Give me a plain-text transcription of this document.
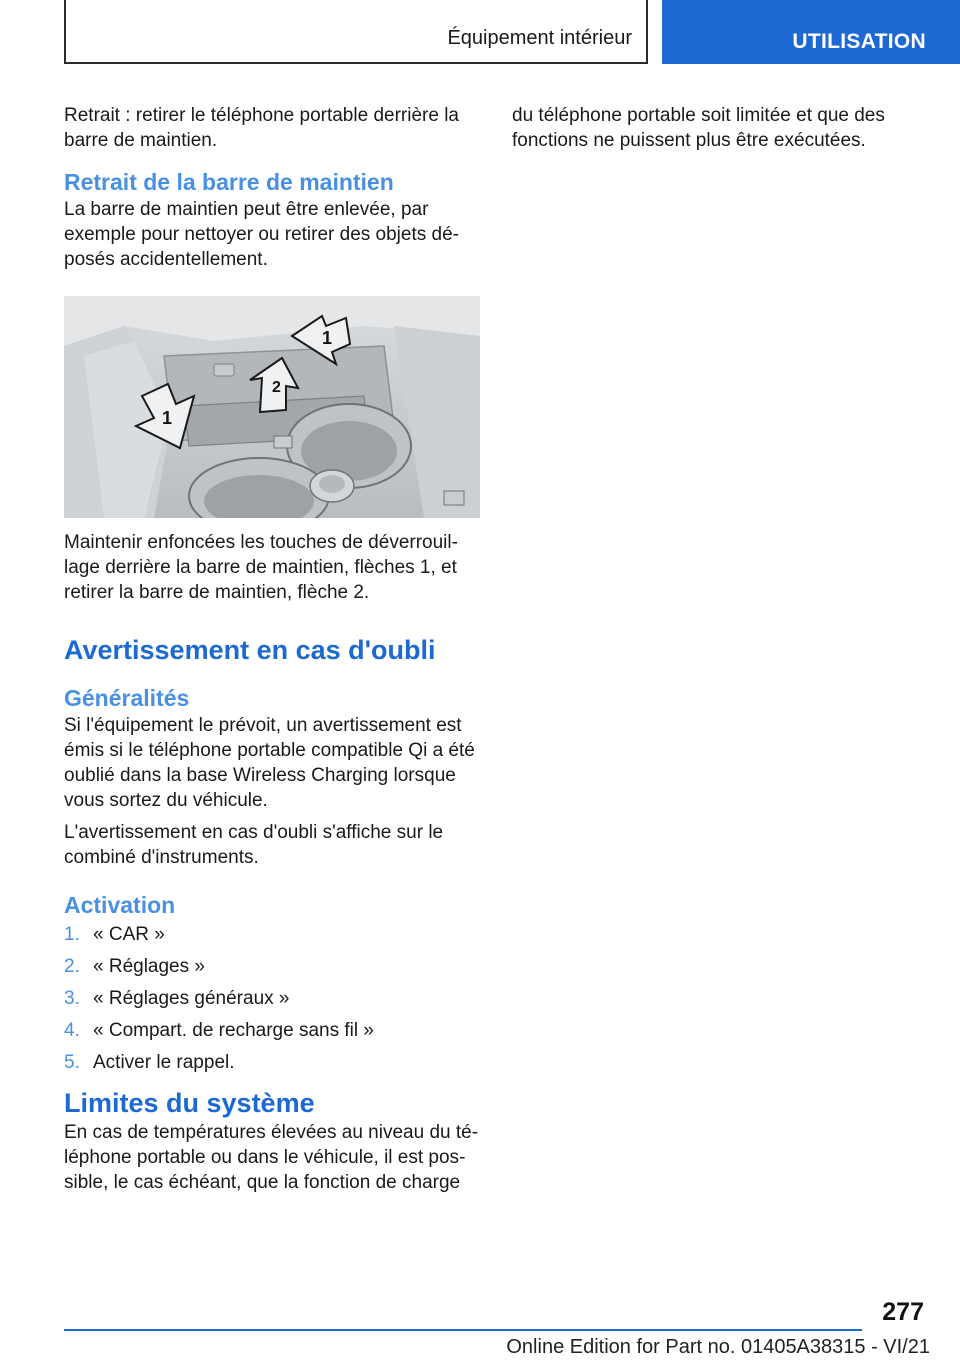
Équipement intérieur	UTILISATION

Retrait : retirer le téléphone portable derrière la barre de maintien.

Retrait de la barre de maintien

La barre de maintien peut être enlevée, par exemple pour nettoyer ou retirer des objets déposés accidentellement.

1
2
1

Maintenir enfoncées les touches de déverrouillage derrière la barre de maintien, flèches 1, et retirer la barre de maintien, flèche 2.

Avertissement en cas d'oubli
Généralités

Si l'équipement le prévoit, un avertissement est émis si le téléphone portable compatible Qi a été oublié dans la base Wireless Charging lorsque vous sortez du véhicule.

L'avertissement en cas d'oubli s'affiche sur le combiné d'instruments.

Activation
1. « CAR »
2. « Réglages »
3. « Réglages généraux »
4. « Compart. de recharge sans fil »
5. Activer le rappel.
Limites du système

En cas de températures élevées au niveau du téléphone portable ou dans le véhicule, il est possible, le cas échéant, que la fonction de charge

du téléphone portable soit limitée et que des fonctions ne puissent plus être exécutées.

277
Online Edition for Part no. 01405A38315 - VI/21
